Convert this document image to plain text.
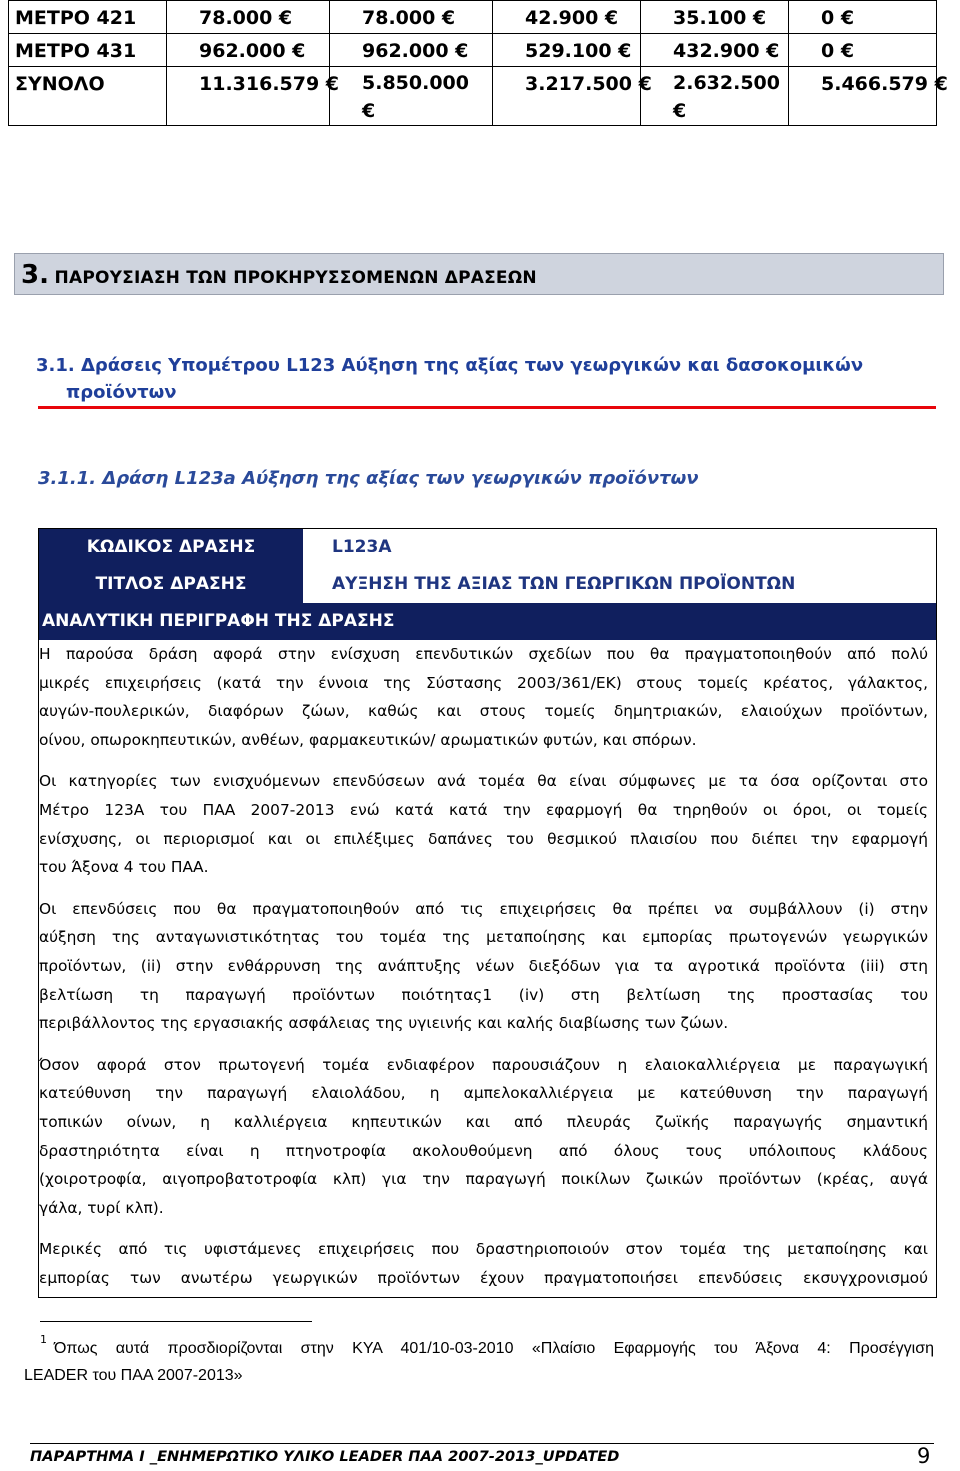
ΜΕΤΡΟ 421	78.000 €	78.000 €	42.900 €	35.100 €	0 €
ΜΕΤΡΟ 431	962.000 €	962.000 €	529.100 €	432.900 €	0 €
ΣΥΝΟΛΟ	11.316.579 €	5.850.000 €	3.217.500 €	2.632.500 €	5.466.579 €
3. ΠΑΡΟΥΣΙΑΣΗ ΤΩΝ ΠΡΟΚΗΡΥΣΣΟΜΕΝΩΝ ΔΡΑΣΕΩΝ
3.1. Δράσεις Υπομέτρου L123 Αύξηση της αξίας των γεωργικών και δασοκομικών
προϊόντων
3.1.1. Δράση L123a Αύξηση της αξίας των γεωργικών προϊόντων
ΚΩΔΙΚΟΣ ΔΡΑΣΗΣ	L123A
ΤΙΤΛΟΣ ΔΡΑΣΗΣ	ΑΥΞΗΣΗ ΤΗΣ ΑΞΙΑΣ ΤΩΝ ΓΕΩΡΓΙΚΩΝ ΠΡΟΪΟΝΤΩΝ
ΑΝΑΛΥΤΙΚΗ ΠΕΡΙΓΡΑΦΗ ΤΗΣ ΔΡΑΣΗΣ

Η παρούσα δράση αφορά στην ενίσχυση επενδυτικών σχεδίων που θα πραγματοποιηθούν από πολύ
μικρές επιχειρήσεις (κατά την έννοια της Σύστασης 2003/361/ΕΚ) στους τομείς κρέατος, γάλακτος,
αυγών-πουλερικών, διαφόρων ζώων, καθώς και στους τομείς δημητριακών, ελαιούχων προϊόντων,
οίνου, οπωροκηπευτικών, ανθέων, φαρμακευτικών/ αρωματικών φυτών, και σπόρων.

Οι κατηγορίες των ενισχυόμενων επενδύσεων ανά τομέα θα είναι σύμφωνες με τα όσα ορίζονται στο
Μέτρο 123Α του ΠΑΑ 2007-2013 ενώ κατά κατά την εφαρμογή θα τηρηθούν οι όροι, οι τομείς
ενίσχυσης, οι περιορισμοί και οι επιλέξιμες δαπάνες του θεσμικού πλαισίου που διέπει την εφαρμογή
του Άξονα 4 του ΠΑΑ.

Οι επενδύσεις που θα πραγματοποιηθούν από τις επιχειρήσεις θα πρέπει να συμβάλλουν (i) στην
αύξηση της ανταγωνιστικότητας του τομέα της μεταποίησης και εμπορίας πρωτογενών γεωργικών
προϊόντων, (ii) στην ενθάρρυνση της ανάπτυξης νέων διεξόδων για τα αγροτικά προϊόντα (iii) στη
βελτίωση τη παραγωγή προϊόντων ποιότητας1 (iv) στη βελτίωση της προστασίας του
περιβάλλοντος της εργασιακής ασφάλειας της υγιεινής και καλής διαβίωσης των ζώων.

Όσον αφορά στον πρωτογενή τομέα ενδιαφέρον παρουσιάζουν η ελαιοκαλλιέργεια με παραγωγική
κατεύθυνση την παραγωγή ελαιολάδου, η αμπελοκαλλιέργεια με κατεύθυνση την παραγωγή
τοπικών οίνων, η καλλιέργεια κηπευτικών και από πλευράς ζωϊκής παραγωγής σημαντική
δραστηριότητα είναι η πτηνοτροφία ακολουθούμενη από όλους τους υπόλοιπους κλάδους
(χοιροτροφία, αιγοπροβατοτροφία κλπ) για την παραγωγή ποικίλων ζωικών προϊόντων (κρέας, αυγά
γάλα, τυρί κλπ).

Μερικές από τις υφιστάμενες επιχειρήσεις που δραστηριοποιούν στον τομέα της μεταποίησης και
εμπορίας των ανωτέρω γεωργικών προϊόντων έχουν πραγματοποιήσει επενδύσεις εκσυγχρονισμού

1
Όπως αυτά προσδιορίζονται στην ΚΥΑ 401/10-03-2010 «Πλαίσιο Εφαρμογής του Άξονα 4: Προσέγγιση
LEADER του ΠΑΑ 2007-2013»
ΠΑΡΑΡΤΗΜΑ Ι _ΕΝΗΜΕΡΩΤΙΚΟ ΥΛΙΚΟ LEADER ΠΑΑ 2007-2013_UPDATED	9
